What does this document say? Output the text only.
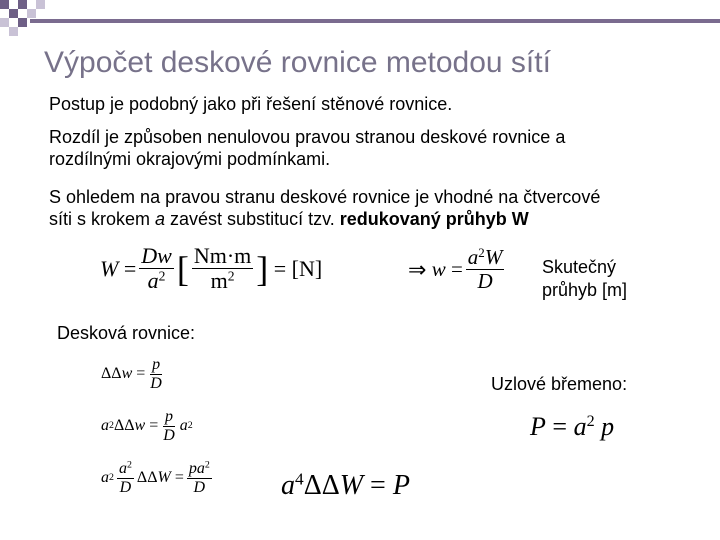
Výpočet deskové rovnice metodou sítí
Postup je podobný jako při řešení stěnové rovnice.
Rozdíl je způsoben nenulovou pravou stranou deskové rovnice a
rozdílnými okrajovými podmínkami.
S ohledem na pravou stranu deskové rovnice je vhodné na čtvercové
síti s krokem a zavést substitucí tzv. redukovaný průhyb W
$W = \frac{Dw}{a^2}$ [ $\frac{Nm\cdot m}{m^2}$ ] = [N]	⇒
$w = \frac{a^2W}{D}$ Skutečný
průhyb [m]
Desková rovnice:
Uzlové břemeno:
ΔΔ $w = \frac{p}{D}$
a 2 ΔΔ $w = \frac{p}{D}$ a 2
a $2 \frac{a^2}{D}$ ΔΔ $W = \frac{pa^2}{D} a^4\Delta\Delta W = P$
$P = a^2$ p
